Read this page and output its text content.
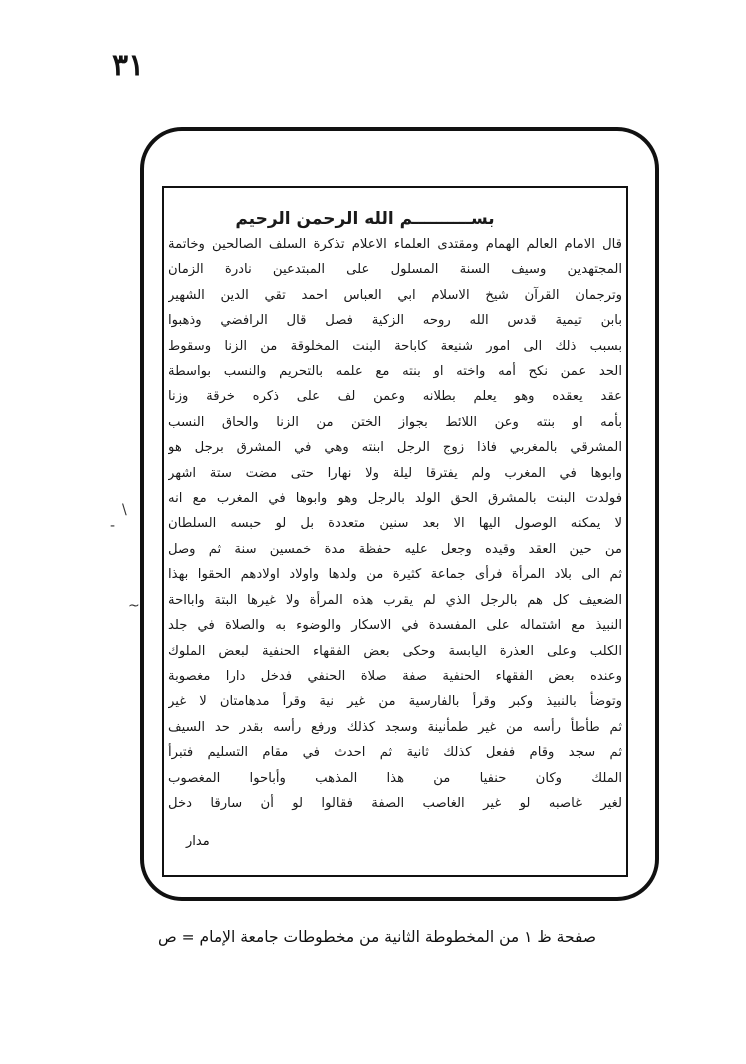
٣١
بســــــــــم الله الرحمن الرحيم
قال الامام العالم الهمام ومقتدى العلماء الاعلام تذكرة السلف الصالحين وخاتمة
المجتهدين وسيف السنة المسلول على المبتدعين نادرة الزمان
وترجمان القرآن شيخ الاسلام ابي العباس احمد تقي الدين الشهير
بابن تيمية قدس الله روحه الزكية فصل قال الرافضي وذهبوا
بسبب ذلك الى امور شنيعة كاباحة البنت المخلوقة من الزنا وسقوط
الحد عمن نكح أمه واخته او بنته مع علمه بالتحريم والنسب بواسطة
عقد يعقده وهو يعلم بطلانه وعمن لف على ذكره خرقة وزنا
بأمه او بنته وعن اللائط بجواز الختن من الزنا والحاق النسب
المشرقي بالمغربي فاذا زوج الرجل ابنته وهي في المشرق برجل هو
وابوها في المغرب ولم يفترقا ليلة ولا نهارا حتى مضت ستة اشهر
فولدت البنت بالمشرق الحق الولد بالرجل وهو وابوها في المغرب مع انه
لا يمكنه الوصول اليها الا بعد سنين متعددة بل لو حبسه السلطان
من حين العقد وقيده وجعل عليه حفظة مدة خمسين سنة ثم وصل
ثم الى بلاد المرأة فرأى جماعة كثيرة من ولدها واولاد اولادهم الحقوا بهذا
الضعيف كل هم بالرجل الذي لم يقرب هذه المرأة ولا غيرها البتة وابااحة
النبيذ مع اشتماله على المفسدة في الاسكار والوضوء به والصلاة في جلد
الكلب وعلى العذرة اليابسة وحكى بعض الفقهاء الحنفية لبعض الملوك
وعنده بعض الفقهاء الحنفية صفة صلاة الحنفي فدخل دارا مغصوبة
وتوضأ بالنبيذ وكبر وقرأ بالفارسية من غير نية وقرأ مدهامتان لا غير
ثم طأطأ رأسه من غير طمأنينة وسجد كذلك ورفع رأسه بقدر حد السيف
ثم سجد وقام ففعل كذلك ثانية ثم احدث في مقام التسليم فتبرأ
الملك وكان حنفيا من هذا المذهب وأباحوا المغصوب
لغير غاصبه لو غير الغاصب الصفة فقالوا لو أن سارقا دخل
مدار
-
\
~
صفحة ظ ١ من المخطوطة الثانية من مخطوطات جامعة الإمام = ص
